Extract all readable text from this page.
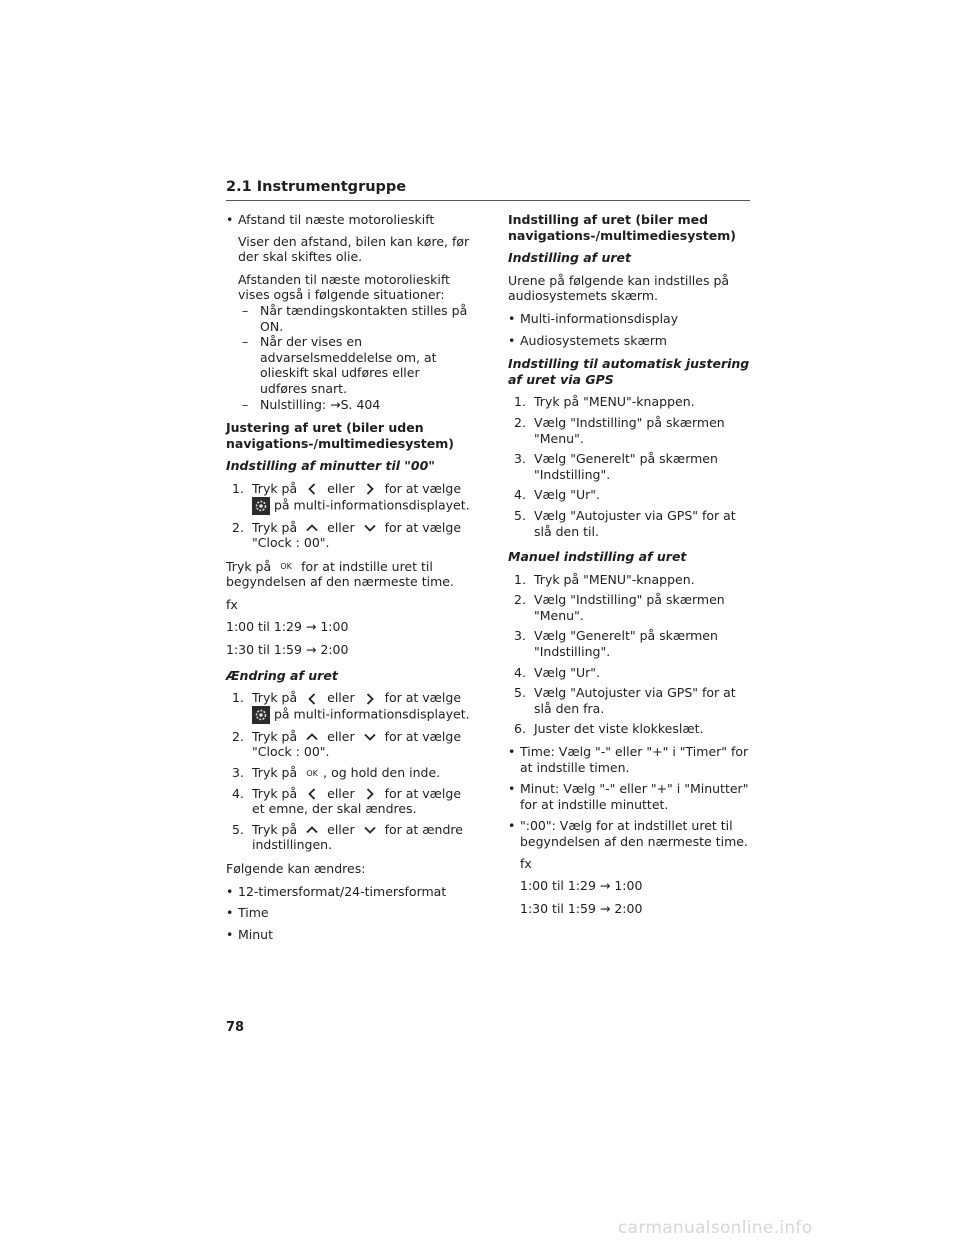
2.1 Instrumentgruppe
• Afstand til næste motorolieskift

Viser den afstand, bilen kan køre, før der skal skiftes olie.

Afstanden til næste motorolieskift vises også i følgende situationer:

– Når tændingskontakten stilles på ON.
– Når der vises en advarselsmeddelelse om, at olieskift skal udføres eller udføres snart.
– Nulstilling: →S. 404

Justering af uret (biler uden navigations-/multimediesystem)

Indstilling af minutter til "00"

1. Tryk på eller for at vælge  på multi-informationsdisplayet.
2. Tryk på eller for at vælge "Clock : 00".

Tryk på OK for at indstille uret til begyndelsen af den nærmeste time.

fx

1:00 til 1:29 → 1:00

1:30 til 1:59 → 2:00

Ændring af uret

1. Tryk på eller for at vælge  på multi-informationsdisplayet.
2. Tryk på eller for at vælge "Clock : 00".
3. Tryk på OK , og hold den inde.
4. Tryk på eller for at vælge et emne, der skal ændres.
5. Tryk på eller for at ændre indstillingen.

Følgende kan ændres:

• 12-timersformat/24-timersformat
• Time
• Minut

Indstilling af uret (biler med navigations-/multimediesystem)

Indstilling af uret

Urene på følgende kan indstilles på audiosystemets skærm.

• Multi-informationsdisplay
• Audiosystemets skærm

Indstilling til automatisk justering af uret via GPS

1. Tryk på "MENU"-knappen.
2. Vælg "Indstilling" på skærmen "Menu".
3. Vælg "Generelt" på skærmen "Indstilling".
4. Vælg "Ur".
5. Vælg "Autojuster via GPS" for at slå den til.

Manuel indstilling af uret

1. Tryk på "MENU"-knappen.
2. Vælg "Indstilling" på skærmen "Menu".
3. Vælg "Generelt" på skærmen "Indstilling".
4. Vælg "Ur".
5. Vælg "Autojuster via GPS" for at slå den fra.
6. Juster det viste klokkeslæt.
• Time: Vælg "-" eller "+" i "Timer" for at indstille timen.
• Minut: Vælg "-" eller "+" i "Minutter" for at indstille minuttet.
• ":00": Vælg for at indstillet uret til begyndelsen af den nærmeste time.

fx

1:00 til 1:29 → 1:00

1:30 til 1:59 → 2:00

78
carmanualsonline.info
